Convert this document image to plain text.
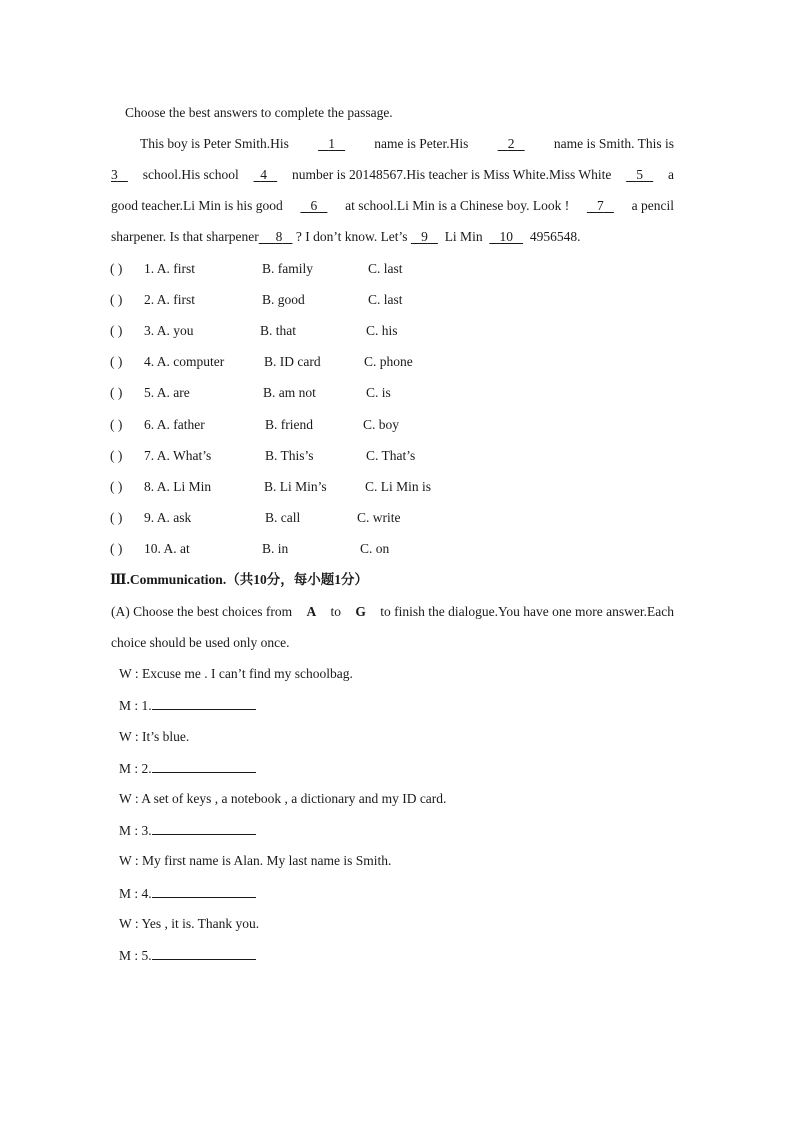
Choose the best answers to complete the passage.
This boy is Peter Smith.His	1	name is Peter.His	2	name is Smith. This is
3	school.His school	4	number is 20148567.His teacher is Miss White.Miss White	5	a
good teacher.Li Min is his good	6	at school.Li Min is a Chinese boy. Look !	7	a pencil
sharpener. Is that sharpener 8 ? I don’t know. Let’s 9 Li Min 10 4956548.
( ) 1. A. first	B. family	C. last
( ) 2. A. first	B. good	C. last
( ) 3. A. you	B. that	C. his
( ) 4. A. computer	B. ID card	C. phone
( ) 5. A. are	B. am not	C. is
( ) 6. A. father	B. friend	C. boy
( ) 7. A. What’s	B. This’s	C. That’s
( ) 8. A. Li Min	B. Li Min’s	C. Li Min is
( ) 9. A. ask	B. call	C. write
( ) 10. A. at	B. in	C. on
Ⅲ.Communication.（共10分，每小题1分）
(A) Choose the best choices from A to G to finish the dialogue.You have one more answer.Each
choice should be used only once.
W : Excuse me . I can’t find my schoolbag.
M : 1.
W : It’s blue.
M : 2.
W : A set of keys , a notebook , a dictionary and my ID card.
M : 3.
W : My first name is Alan. My last name is Smith.
M : 4.
W : Yes , it is. Thank you.
M : 5.
